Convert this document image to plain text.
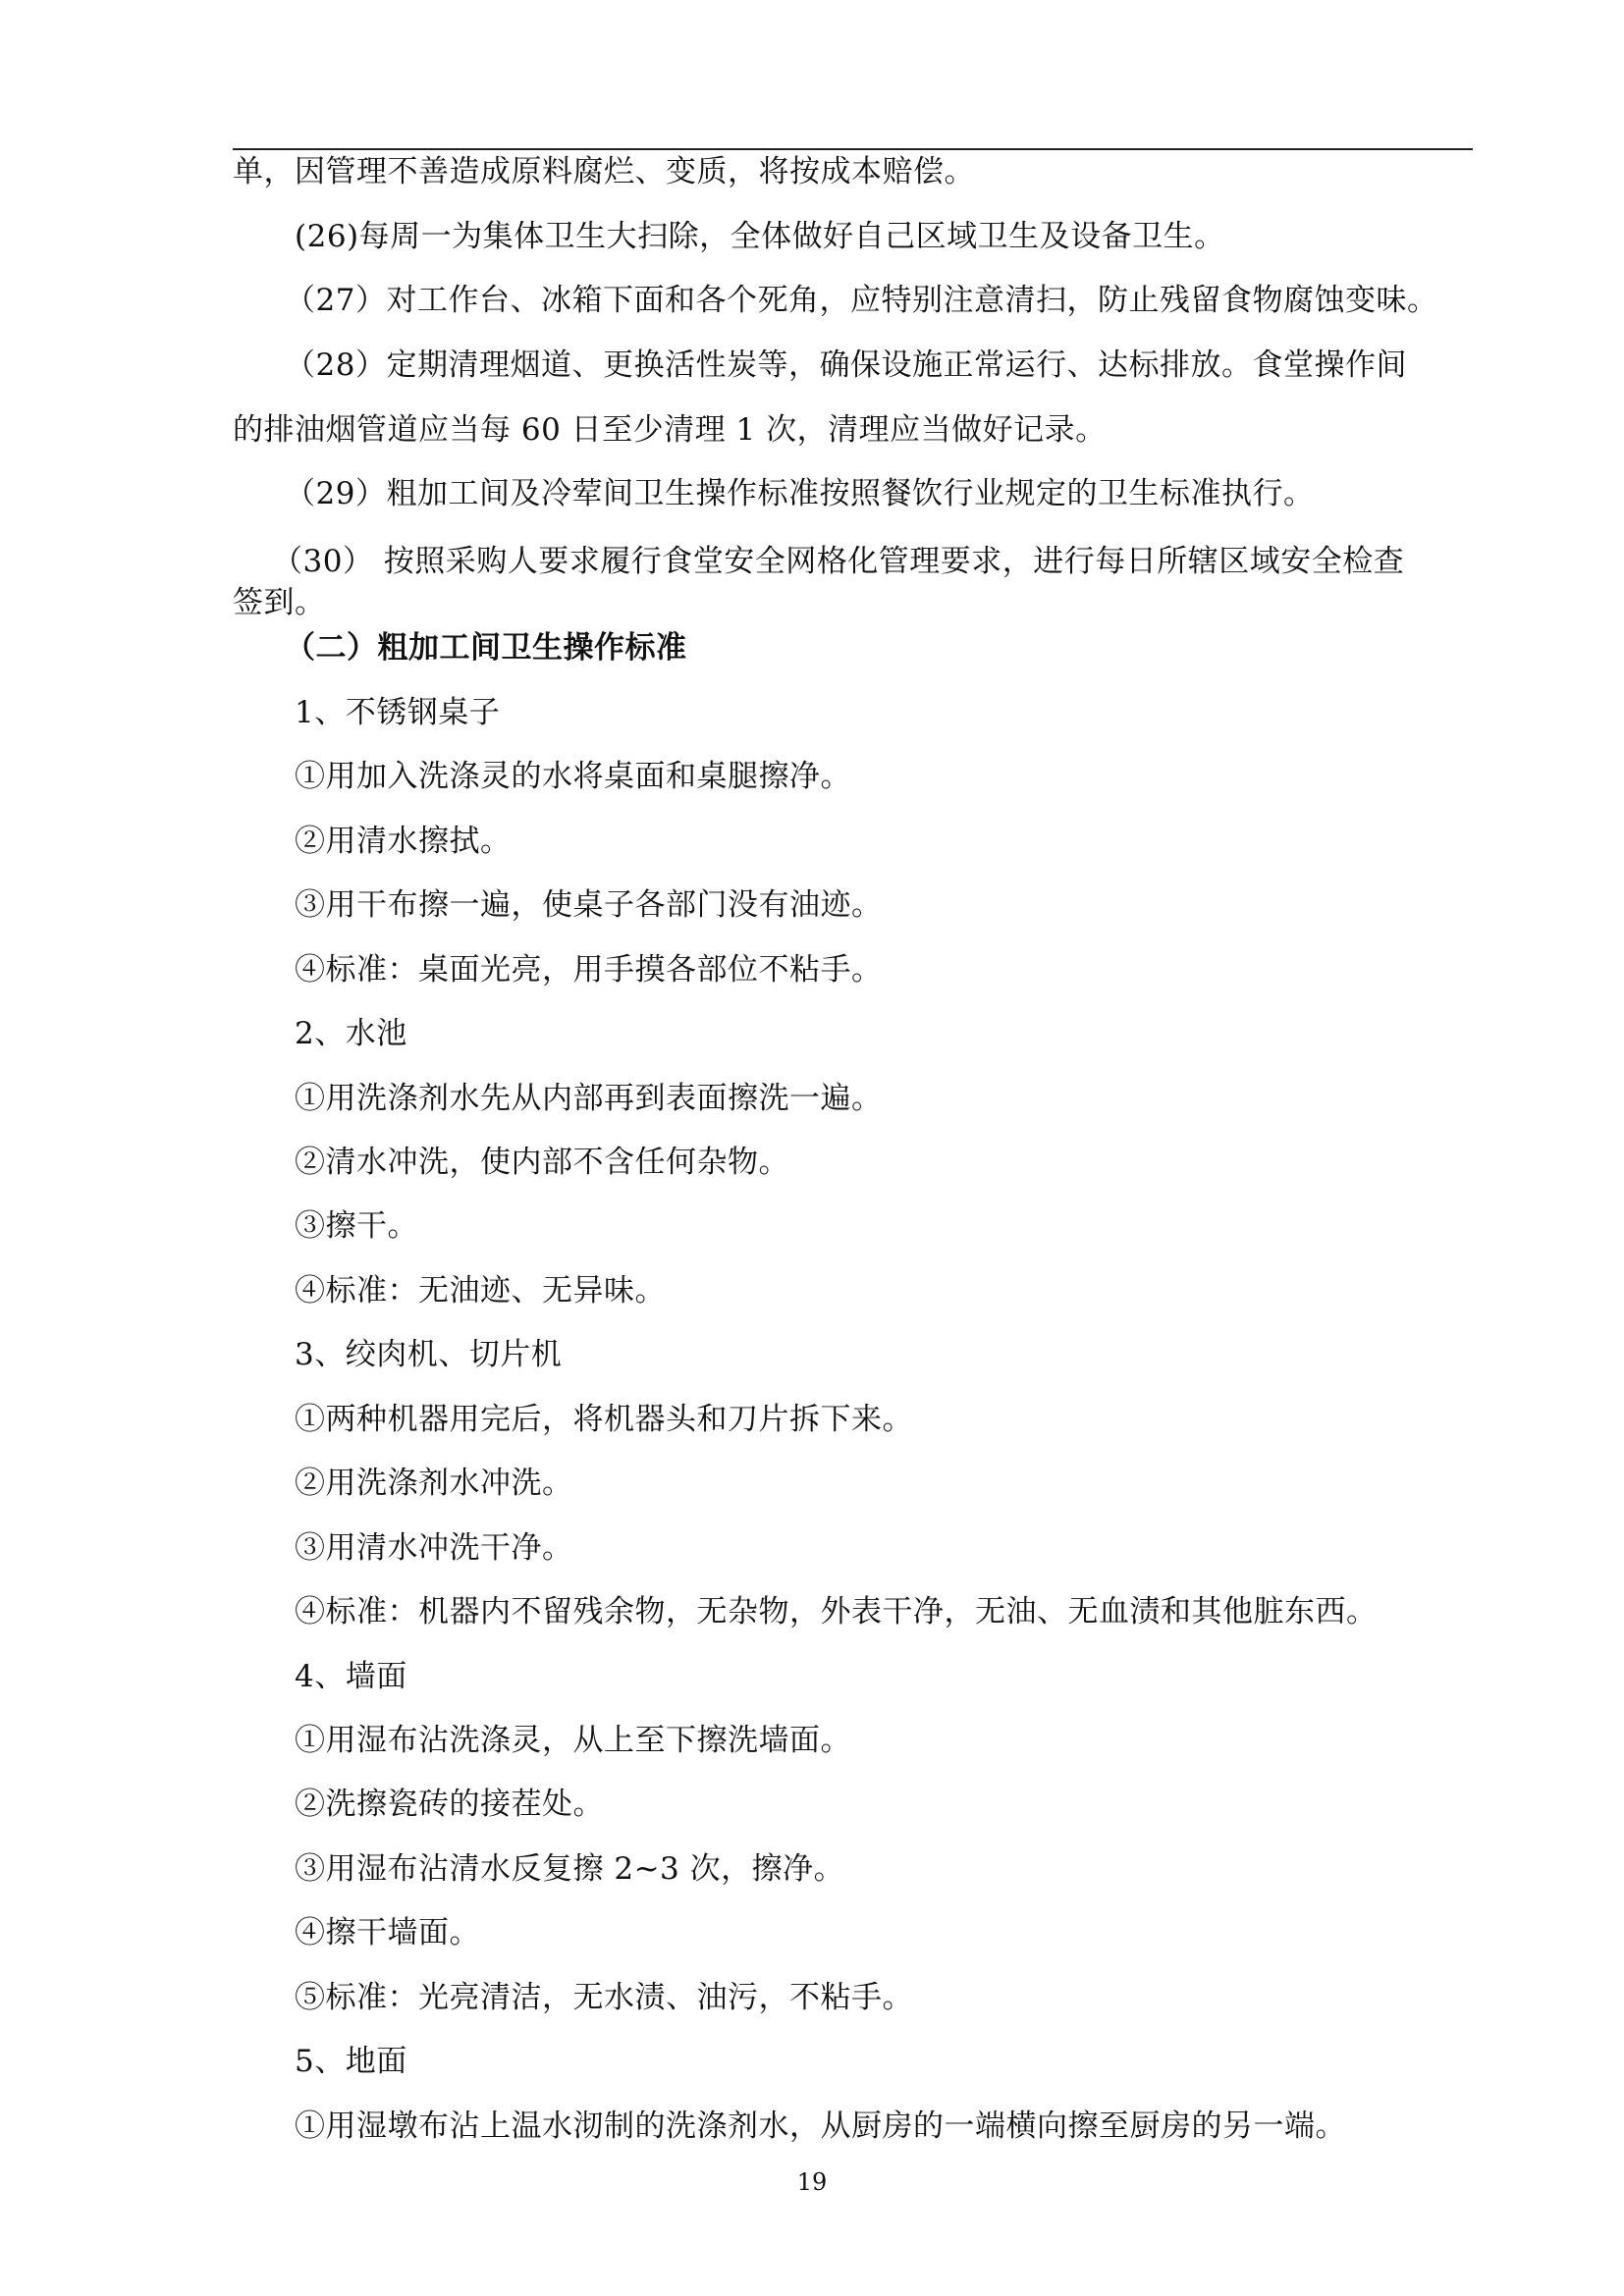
单，因管理不善造成原料腐烂、变质，将按成本赔偿。
(26)每周一为集体卫生大扫除，全体做好自己区域卫生及设备卫生。
（27）对工作台、冰箱下面和各个死角，应特别注意清扫，防止残留食物腐蚀变味。
（28）定期清理烟道、更换活性炭等，确保设施正常运行、达标排放。食堂操作间
的排油烟管道应当每 60 日至少清理 1 次，清理应当做好记录。
（29）粗加工间及冷荤间卫生操作标准按照餐饮行业规定的卫生标准执行。
（30） 按照采购人要求履行食堂安全网格化管理要求，进行每日所辖区域安全检查
签到。
（二）粗加工间卫生操作标准
1、不锈钢桌子
①用加入洗涤灵的水将桌面和桌腿擦净。
②用清水擦拭。
③用干布擦一遍，使桌子各部门没有油迹。
④标准：桌面光亮，用手摸各部位不粘手。
2、水池
①用洗涤剂水先从内部再到表面擦洗一遍。
②清水冲洗，使内部不含任何杂物。
③擦干。
④标准：无油迹、无异味。
3、绞肉机、切片机
①两种机器用完后，将机器头和刀片拆下来。
②用洗涤剂水冲洗。
③用清水冲洗干净。
④标准：机器内不留残余物，无杂物，外表干净，无油、无血渍和其他脏东西。
4、墙面
①用湿布沾洗涤灵，从上至下擦洗墙面。
②洗擦瓷砖的接茬处。
③用湿布沾清水反复擦 2~3 次，擦净。
④擦干墙面。
⑤标准：光亮清洁，无水渍、油污，不粘手。
5、地面
①用湿墩布沾上温水沏制的洗涤剂水，从厨房的一端横向擦至厨房的另一端。
19
